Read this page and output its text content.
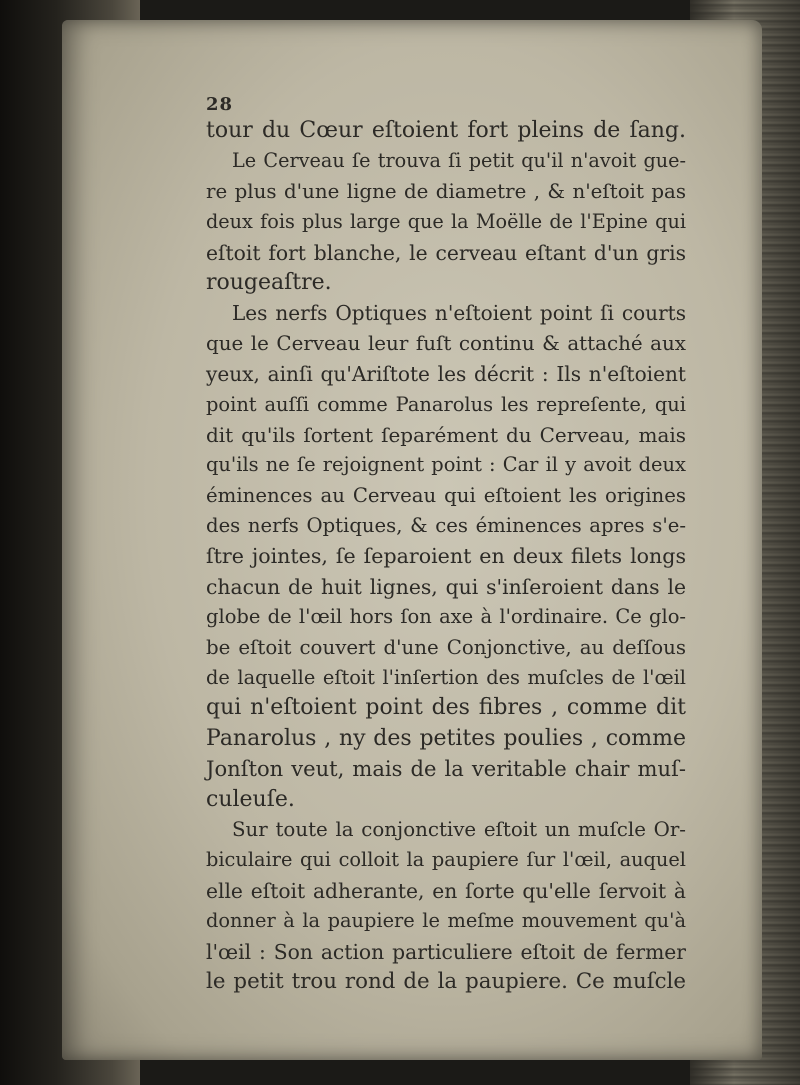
28
tour du Cœur eſtoient fort pleins de ſang.
Le Cerveau ſe trouva ſi petit qu'il n'avoit gue-
re plus d'une ligne de diametre , & n'eſtoit pas
deux fois plus large que la Moëlle de l'Epine qui
eſtoit fort blanche, le cerveau eſtant d'un gris
rougeaſtre.
Les nerfs Optiques n'eſtoient point ſi courts
que le Cerveau leur fuſt continu & attaché aux
yeux, ainſi qu'Ariſtote les décrit : Ils n'eſtoient
point auſſi comme Panarolus les repreſente, qui
dit qu'ils ſortent ſeparément du Cerveau, mais
qu'ils ne ſe rejoignent point : Car il y avoit deux
éminences au Cerveau qui eſtoient les origines
des nerfs Optiques, & ces éminences apres s'e-
ſtre jointes, ſe ſeparoient en deux filets longs
chacun de huit lignes, qui s'inſeroient dans le
globe de l'œil hors ſon axe à l'ordinaire. Ce glo-
be eſtoit couvert d'une Conjonctive, au deſſous
de laquelle eſtoit l'inſertion des muſcles de l'œil
qui n'eſtoient point des fibres , comme dit
Panarolus , ny des petites poulies , comme
Jonſton veut, mais de la veritable chair muſ-
culeuſe.
Sur toute la conjonctive eſtoit un muſcle Or-
biculaire qui colloit la paupiere ſur l'œil, auquel
elle eſtoit adherante, en ſorte qu'elle ſervoit à
donner à la paupiere le meſme mouvement qu'à
l'œil : Son action particuliere eſtoit de fermer
le petit trou rond de la paupiere. Ce muſcle
